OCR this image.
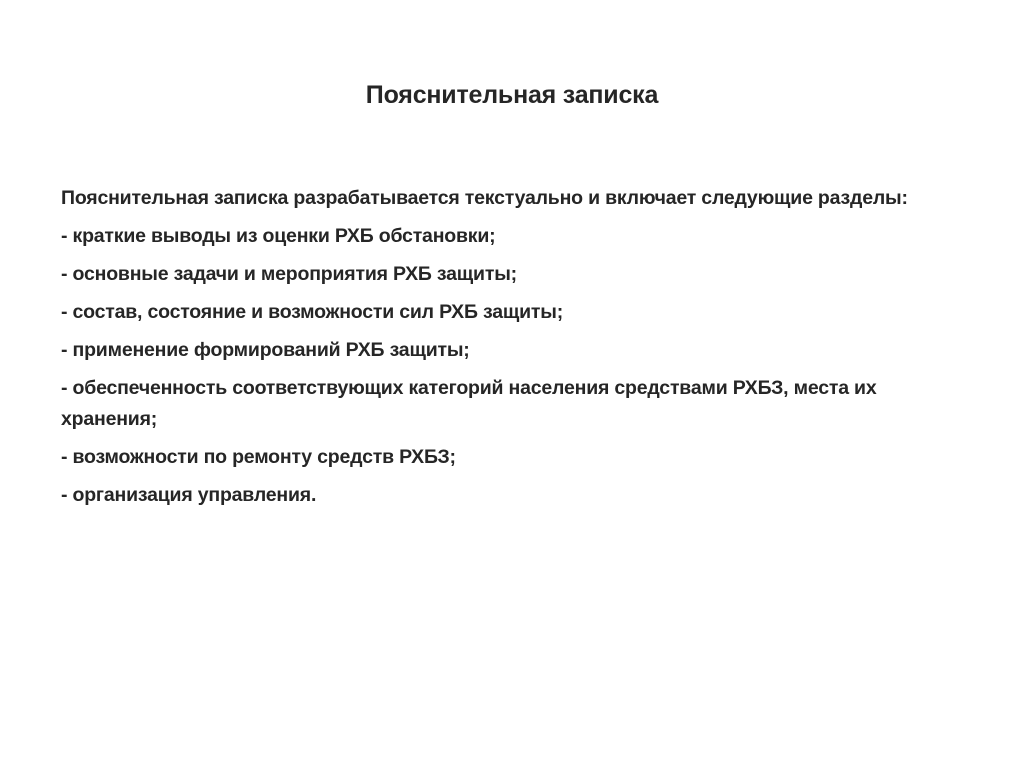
Пояснительная записка

Пояснительная записка разрабатывается текстуально и включает следующие разделы:

- краткие выводы из оценки РХБ обстановки;

- основные задачи и мероприятия РХБ защиты;

- состав, состояние и возможности сил РХБ защиты;

- применение формирований РХБ защиты;

- обеспеченность соответствующих категорий населения средствами РХБЗ, места их хранения;

- возможности по ремонту средств РХБЗ;

- организация управления.
